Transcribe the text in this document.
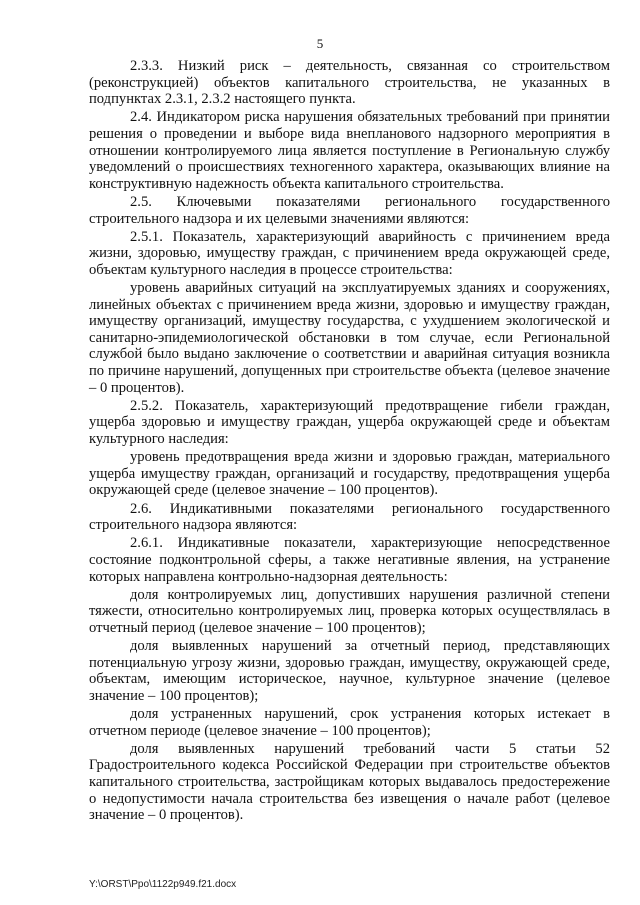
5

2.3.3. Низкий риск – деятельность, связанная со строительством (реконструкцией) объектов капитального строительства, не указанных в подпунктах 2.3.1, 2.3.2 настоящего пункта.

2.4. Индикатором риска нарушения обязательных требований при принятии решения о проведении и выборе вида внепланового надзорного мероприятия в отношении контролируемого лица является поступление в Региональную службу уведомлений о происшествиях техногенного характера, оказывающих влияние на конструктивную надежность объекта капитального строительства.

2.5. Ключевыми показателями регионального государственного строительного надзора и их целевыми значениями являются:

2.5.1. Показатель, характеризующий аварийность с причинением вреда жизни, здоровью, имуществу граждан, с причинением вреда окружающей среде, объектам культурного наследия в процессе строительства:

уровень аварийных ситуаций на эксплуатируемых зданиях и сооружениях, линейных объектах с причинением вреда жизни, здоровью и имуществу граждан, имуществу организаций, имуществу государства, с ухудшением экологической и санитарно-эпидемиологической обстановки в том случае, если Региональной службой было выдано заключение о соответствии и аварийная ситуация возникла по причине нарушений, допущенных при строительстве объекта (целевое значение – 0 процентов).

2.5.2. Показатель, характеризующий предотвращение гибели граждан, ущерба здоровью и имуществу граждан, ущерба окружающей среде и объектам культурного наследия:

уровень предотвращения вреда жизни и здоровью граждан, материального ущерба имуществу граждан, организаций и государству, предотвращения ущерба окружающей среде (целевое значение – 100 процентов).

2.6. Индикативными показателями регионального государственного строительного надзора являются:

2.6.1. Индикативные показатели, характеризующие непосредственное состояние подконтрольной сферы, а также негативные явления, на устранение которых направлена контрольно-надзорная деятельность:

доля контролируемых лиц, допустивших нарушения различной степени тяжести, относительно контролируемых лиц, проверка которых осуществлялась в отчетный период (целевое значение – 100 процентов);

доля выявленных нарушений за отчетный период, представляющих потенциальную угрозу жизни, здоровью граждан, имуществу, окружающей среде, объектам, имеющим историческое, научное, культурное значение (целевое значение – 100 процентов);

доля устраненных нарушений, срок устранения которых истекает в отчетном периоде (целевое значение – 100 процентов);

доля выявленных нарушений требований части 5 статьи 52 Градостроительного кодекса Российской Федерации при строительстве объектов капитального строительства, застройщикам которых выдавалось предостережение о недопустимости начала строительства без извещения о начале работ (целевое значение – 0 процентов).

Y:\ORST\Ppo\1122p949.f21.docx
